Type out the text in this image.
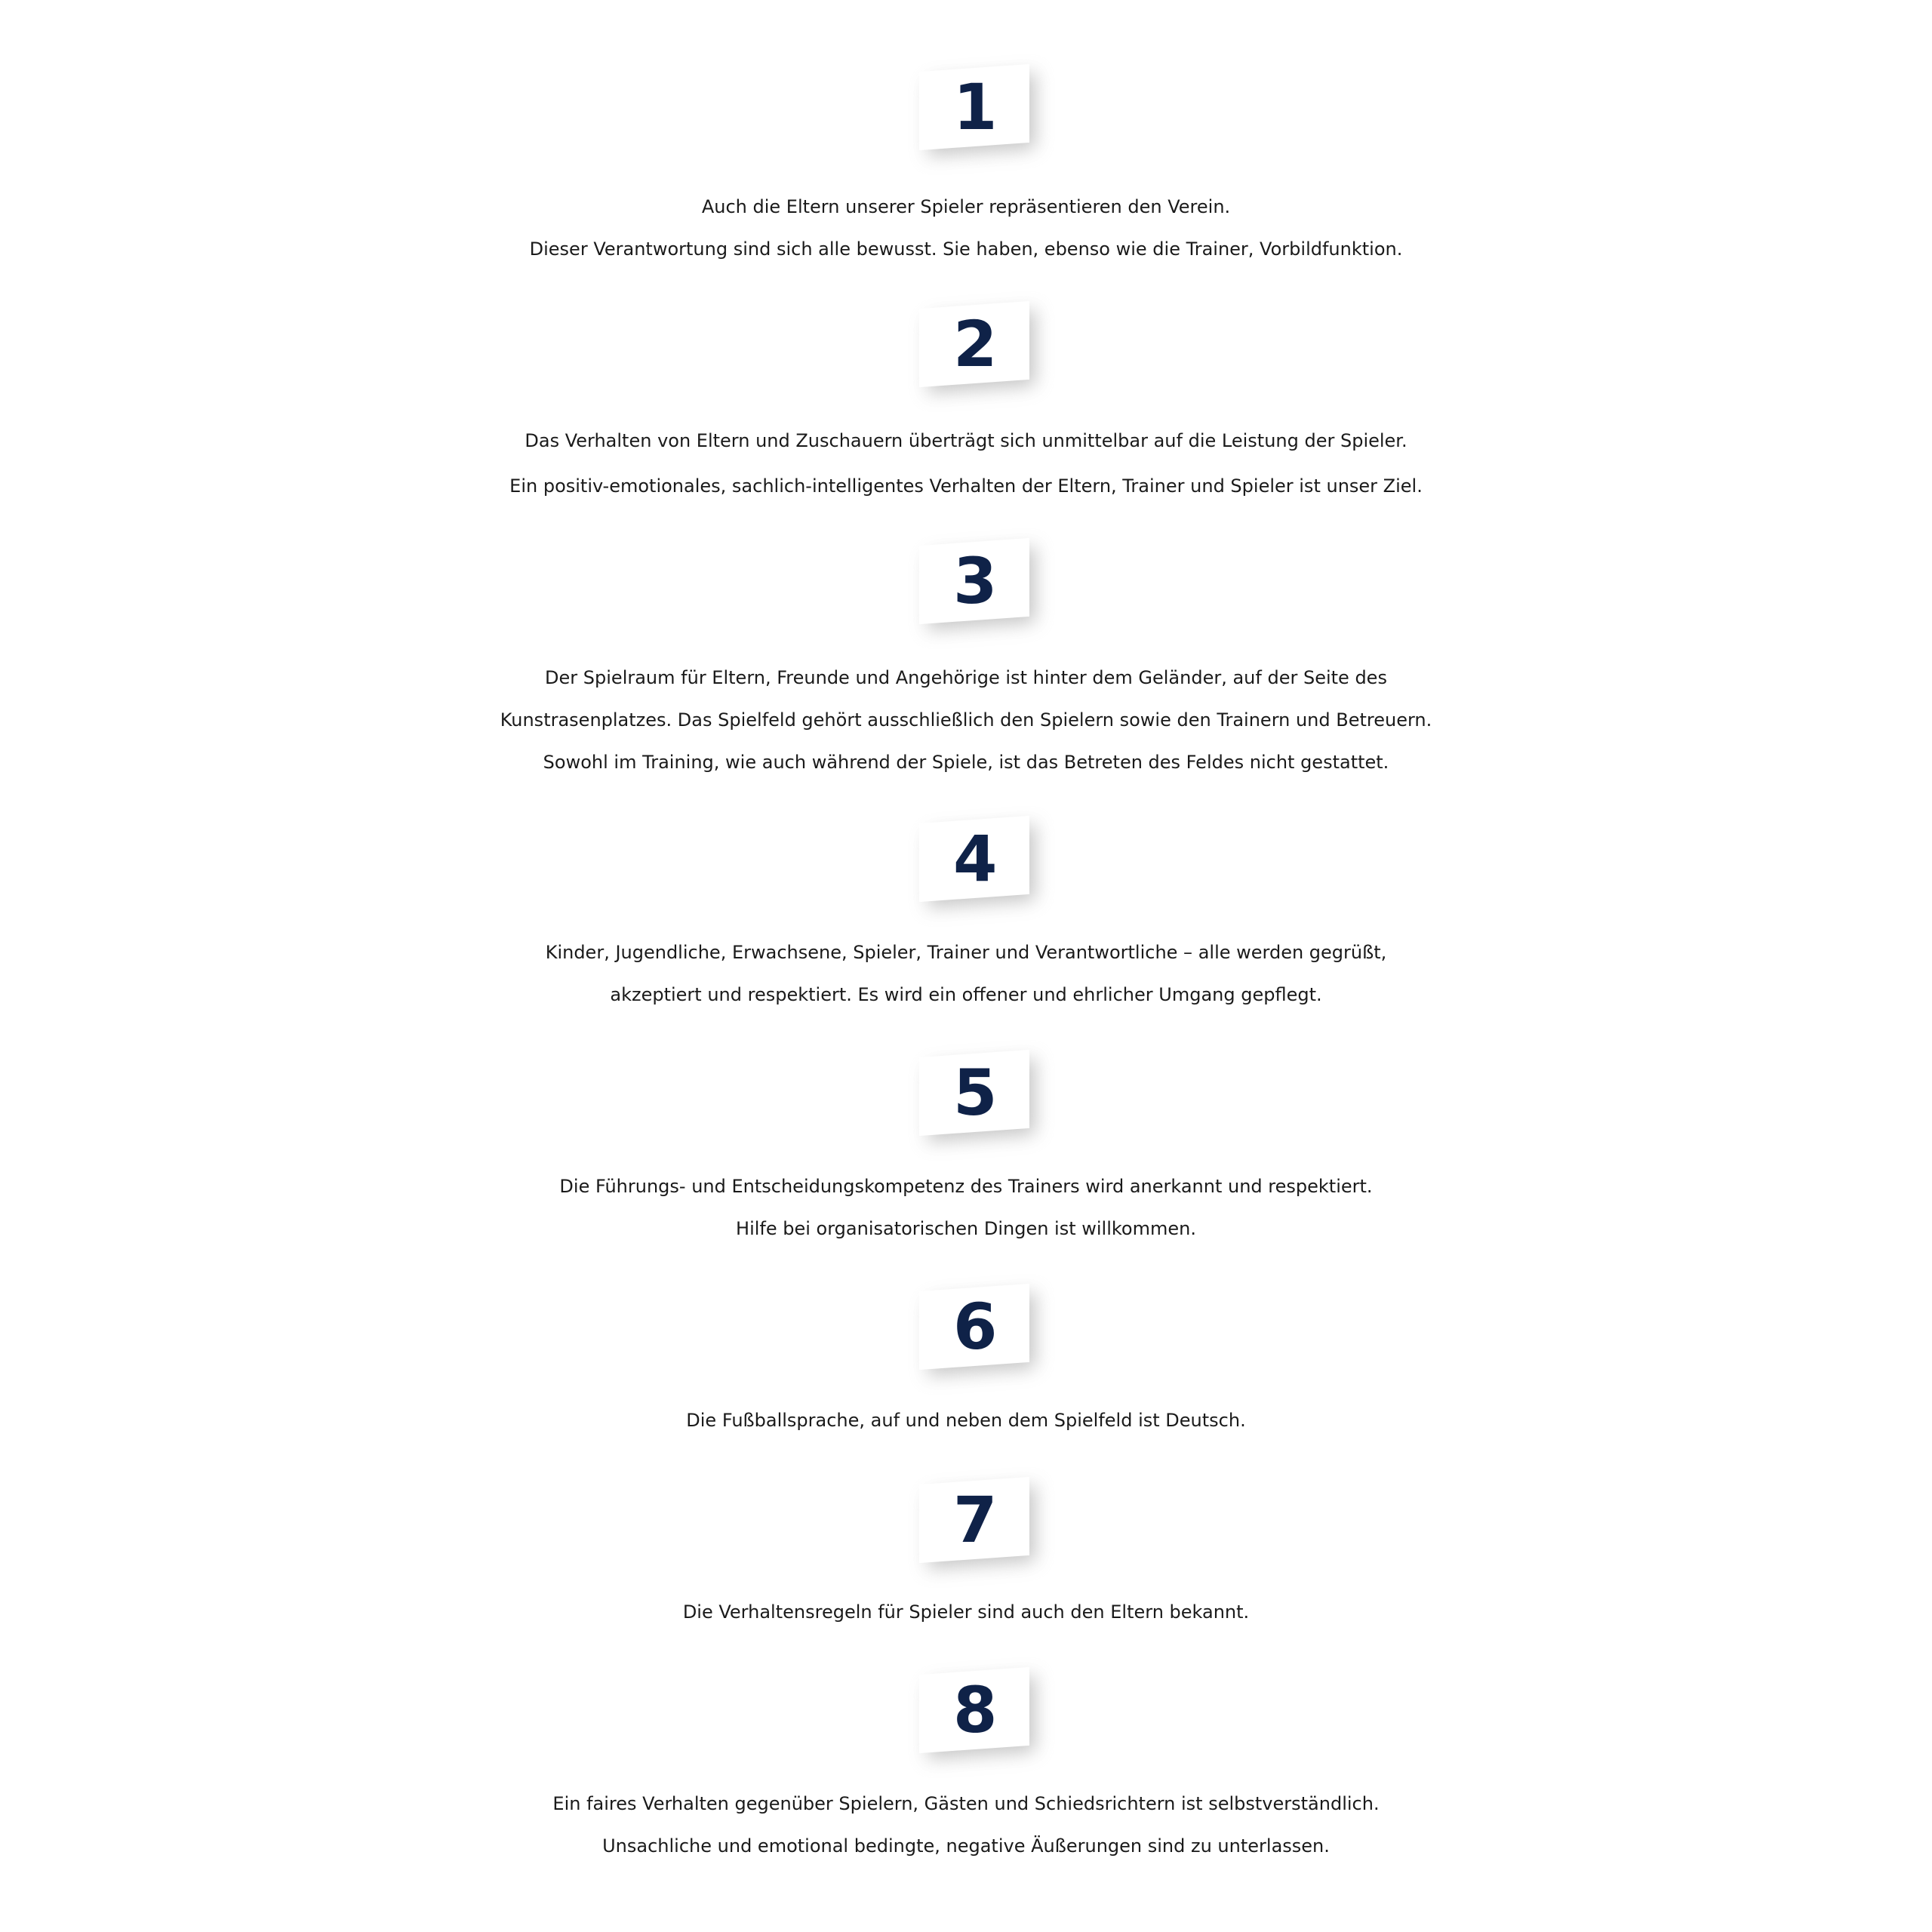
1
Auch die Eltern unserer Spieler repräsentieren den Verein.
Dieser Verantwortung sind sich alle bewusst. Sie haben, ebenso wie die Trainer, Vorbildfunktion.
2
Das Verhalten von Eltern und Zuschauern überträgt sich unmittelbar auf die Leistung der Spieler.
Ein positiv-emotionales, sachlich-intelligentes Verhalten der Eltern, Trainer und Spieler ist unser Ziel.
3
Der Spielraum für Eltern, Freunde und Angehörige ist hinter dem Geländer, auf der Seite des
Kunstrasenplatzes. Das Spielfeld gehört ausschließlich den Spielern sowie den Trainern und Betreuern.
Sowohl im Training, wie auch während der Spiele, ist das Betreten des Feldes nicht gestattet.
4
Kinder, Jugendliche, Erwachsene, Spieler, Trainer und Verantwortliche – alle werden gegrüßt,
akzeptiert und respektiert. Es wird ein offener und ehrlicher Umgang gepflegt.
5
Die Führungs- und Entscheidungskompetenz des Trainers wird anerkannt und respektiert.
Hilfe bei organisatorischen Dingen ist willkommen.
6
Die Fußballsprache, auf und neben dem Spielfeld ist Deutsch.
7
Die Verhaltensregeln für Spieler sind auch den Eltern bekannt.
8
Ein faires Verhalten gegenüber Spielern, Gästen und Schiedsrichtern ist selbstverständlich.
Unsachliche und emotional bedingte, negative Äußerungen sind zu unterlassen.
